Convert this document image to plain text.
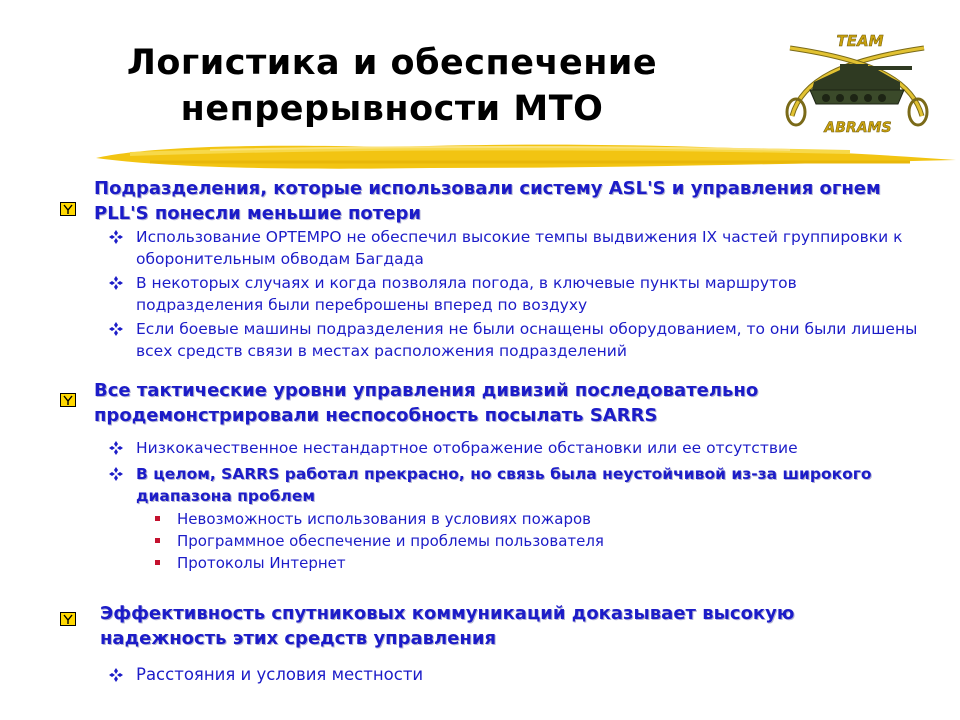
Логистика и обеспечение
непрерывности МТО
TEAM
ABRAMS
Подразделения, которые использовали систему ASL'S и управления огнем PLL'S понесли меньшие потери
Использование OPTEMPO не обеспечил высокие темпы выдвижения IX частей группировки к оборонительным обводам Багдада
В некоторых случаях и когда позволяла погода, в ключевые пункты маршрутов подразделения были переброшены вперед по воздуху
Если боевые машины подразделения не были оснащены оборудованием, то они были лишены всех средств связи в местах расположения подразделений
Все тактические уровни управления дивизий последовательно продемонстрировали неспособность посылать SARRS
Низкокачественное нестандартное отображение обстановки или ее отсутствие
В целом, SARRS работал прекрасно, но связь была неустойчивой из-за широкого диапазона проблем
Невозможность использования в условиях пожаров
Программное обеспечение и проблемы пользователя
Протоколы Интернет
Эффективность спутниковых коммуникаций доказывает высокую надежность этих средств управления
Расстояния и условия местности
